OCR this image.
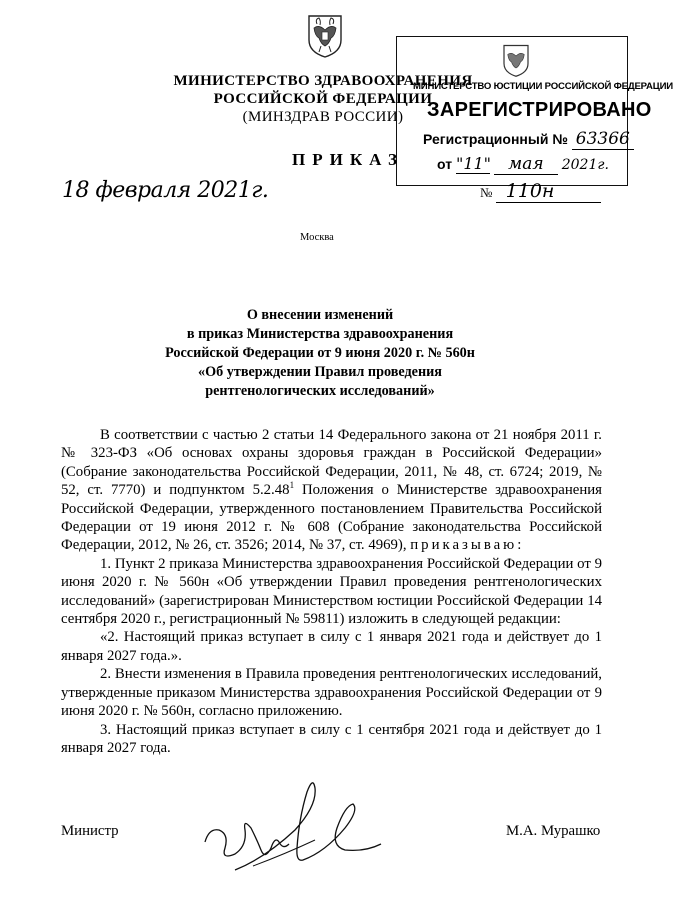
МИНИСТЕРСТВО ЗДРАВООХРАНЕНИЯ
РОССИЙСКОЙ ФЕДЕРАЦИИ
(МИНЗДРАВ РОССИИ)
МИНИСТЕРСТВО ЮСТИЦИИ РОССИЙСКОЙ ФЕДЕРАЦИИ
ЗАРЕГИСТРИРОВАНО
Регистрационный № 63366
от "11" мая 2021г.
ПРИКАЗ
18 февраля 2021г.	№ 110н
Москва
О внесении изменений
в приказ Министерства здравоохранения
Российской Федерации от 9 июня 2020 г. № 560н
«Об утверждении Правил проведения
рентгенологических исследований»

В соответствии с частью 2 статьи 14 Федерального закона от 21 ноября 2011 г. № 323-ФЗ «Об основах охраны здоровья граждан в Российской Федерации» (Собрание законодательства Российской Федерации, 2011, № 48, ст. 6724; 2019, № 52, ст. 7770) и подпунктом 5.2.48$^1$ Положения о Министерстве здравоохранения Российской Федерации, утвержденного постановлением Правительства Российской Федерации от 19 июня 2012 г. № 608 (Собрание законодательства Российской Федерации, 2012, № 26, ст. 3526; 2014, № 37, ст. 4969), приказываю:

1. Пункт 2 приказа Министерства здравоохранения Российской Федерации от 9 июня 2020 г. № 560н «Об утверждении Правил проведения рентгенологических исследований» (зарегистрирован Министерством юстиции Российской Федерации 14 сентября 2020 г., регистрационный № 59811) изложить в следующей редакции:

«2. Настоящий приказ вступает в силу с 1 января 2021 года и действует до 1 января 2027 года.».

2. Внести изменения в Правила проведения рентгенологических исследований, утвержденные приказом Министерства здравоохранения Российской Федерации от 9 июня 2020 г. № 560н, согласно приложению.

3. Настоящий приказ вступает в силу с 1 сентября 2021 года и действует до 1 января 2027 года.

Министр	М.А. Мурашко
